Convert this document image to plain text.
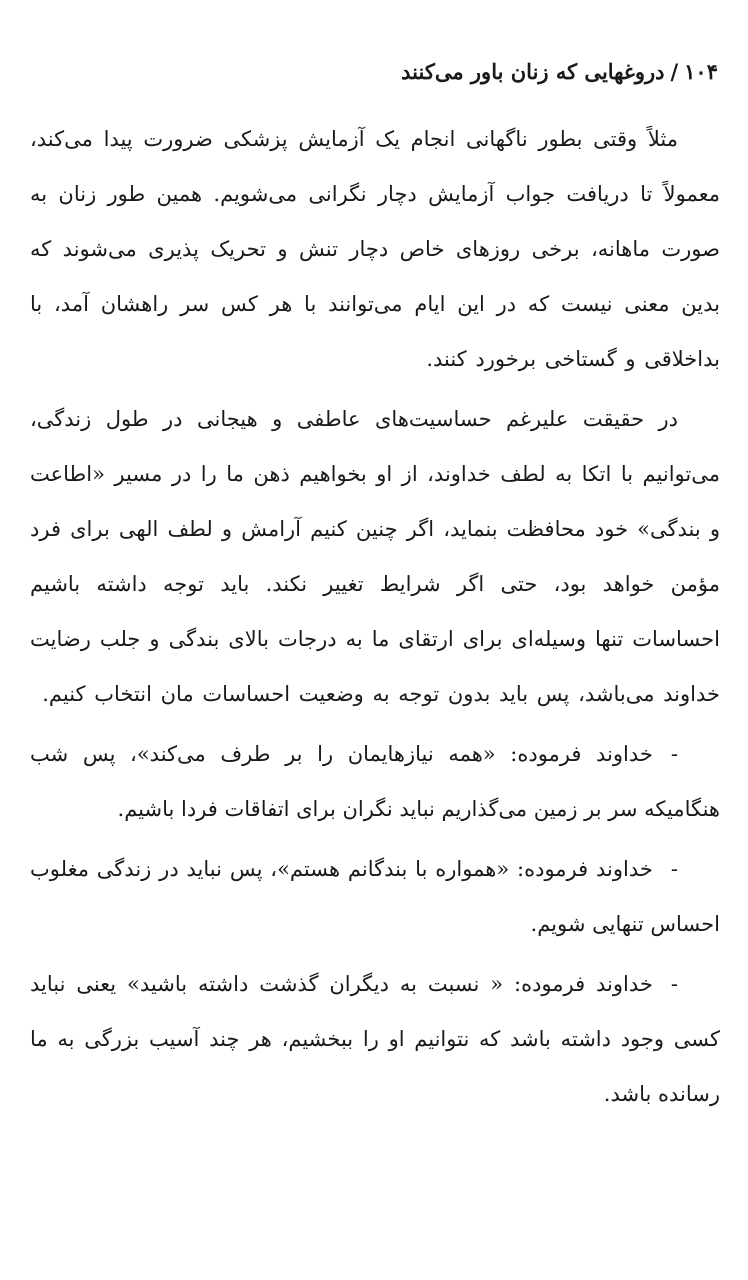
۱۰۴
/
دروغهایی که زنان باور می‌کنند

مثلاً وقتی بطور ناگهانی انجام یک آزمایش پزشکی ضرورت پیدا می‌کند، معمولاً تا دریافت جواب آزمایش دچار نگرانی می‌شویم. همین طور زنان به صورت ماهانه، برخی روزهای خاص دچار تنش و تحریک پذیری می‌شوند که بدین معنی نیست که در این ایام می‌توانند با هر کس سر راهشان آمد، با بداخلاقی و گستاخی برخورد کنند.

در حقیقت علیرغم حساسیت‌های عاطفی و هیجانی در طول زندگی، می‌توانیم با اتکا به لطف خداوند، از او بخواهیم ذهن ما را در مسیر «اطاعت و بندگی» خود محافظت بنماید، اگر چنین کنیم آرامش و لطف الهی برای فرد مؤمن خواهد بود، حتی اگر شرایط تغییر نکند. باید توجه داشته باشیم احساسات تنها وسیله‌ای برای ارتقای ما به درجات بالای بندگی و جلب رضایت خداوند می‌باشد، پس باید بدون توجه به وضعیت احساسات مان انتخاب کنیم.

-خداوند فرموده: «همه نیازهایمان را بر طرف می‌کند»، پس شب هنگامیکه سر بر زمین می‌گذاریم نباید نگران برای اتفاقات فردا باشیم.

-خداوند فرموده: «همواره با بندگانم هستم»، پس نباید در زندگی مغلوب احساس تنهایی شویم.

-خداوند فرموده: « نسبت به دیگران گذشت داشته باشید» یعنی نباید کسی وجود داشته باشد که نتوانیم او را ببخشیم، هر چند آسیب بزرگی به ما رسانده باشد.
